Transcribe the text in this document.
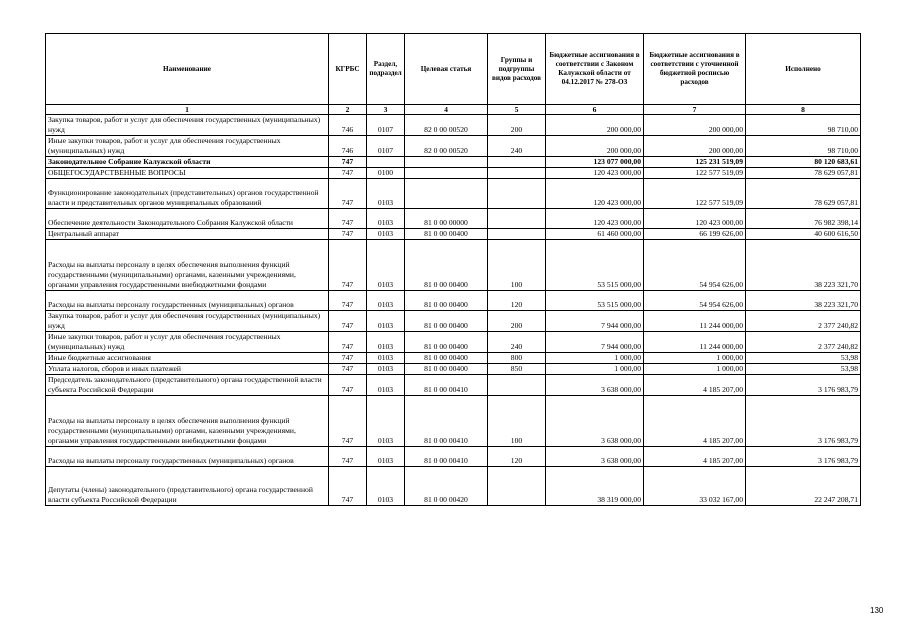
Наименование	КГРБС	Раздел, подраздел	Целевая статья	Группы и подгруппы видов расходов	Бюджетные ассигнования в соответствии с Законом Калужской области от 04.12.2017 № 278-ОЗ	Бюджетные ассигнования в соответствии с уточненной бюджетной росписью расходов	Исполнено
1	2	3	4	5	6	7	8
Закупка товаров, работ и услуг для обеспечения государственных (муниципальных) нужд	746	0107	82 0 00 00520	200	200 000,00	200 000,00	98 710,00
Иные закупки товаров, работ и услуг для обеспечения государственных (муниципальных) нужд	746	0107	82 0 00 00520	240	200 000,00	200 000,00	98 710,00
Законодательное Собрание Калужской области	747				123 077 000,00	125 231 519,09	80 120 683,61
ОБЩЕГОСУДАРСТВЕННЫЕ ВОПРОСЫ	747	0100			120 423 000,00	122 577 519,09	78 629 057,81
Функционирование законодательных (представительных) органов государственной власти и представительных органов муниципальных образований	747	0103			120 423 000,00	122 577 519,09	78 629 057,81
Обеспечение деятельности Законодательного Собрания Калужской области	747	0103	81 0 00 00000		120 423 000,00	120 423 000,00	76 982 398,14
Центральный аппарат	747	0103	81 0 00 00400		61 460 000,00	66 199 626,00	40 600 616,50
Расходы на выплаты персоналу в целях обеспечения выполнения функций государственными (муниципальными) органами, казенными учреждениями, органами управления государственными внебюджетными фондами	747	0103	81 0 00 00400	100	53 515 000,00	54 954 626,00	38 223 321,70
Расходы на выплаты персоналу государственных (муниципальных) органов	747	0103	81 0 00 00400	120	53 515 000,00	54 954 626,00	38 223 321,70
Закупка товаров, работ и услуг для обеспечения государственных (муниципальных) нужд	747	0103	81 0 00 00400	200	7 944 000,00	11 244 000,00	2 377 240,82
Иные закупки товаров, работ и услуг для обеспечения государственных (муниципальных) нужд	747	0103	81 0 00 00400	240	7 944 000,00	11 244 000,00	2 377 240,82
Иные бюджетные ассигнования	747	0103	81 0 00 00400	800	1 000,00	1 000,00	53,98
Уплата налогов, сборов и иных платежей	747	0103	81 0 00 00400	850	1 000,00	1 000,00	53,98
Председатель законодательного (представительного) органа государственной власти субъекта Российской Федерации	747	0103	81 0 00 00410		3 638 000,00	4 185 207,00	3 176 983,79
Расходы на выплаты персоналу в целях обеспечения выполнения функций государственными (муниципальными) органами, казенными учреждениями, органами управления государственными внебюджетными фондами	747	0103	81 0 00 00410	100	3 638 000,00	4 185 207,00	3 176 983,79
Расходы на выплаты персоналу государственных (муниципальных) органов	747	0103	81 0 00 00410	120	3 638 000,00	4 185 207,00	3 176 983,79
Депутаты (члены) законодательного (представительного) органа государственной власти субъекта Российской Федерации	747	0103	81 0 00 00420		38 319 000,00	33 032 167,00	22 247 208,71
130
